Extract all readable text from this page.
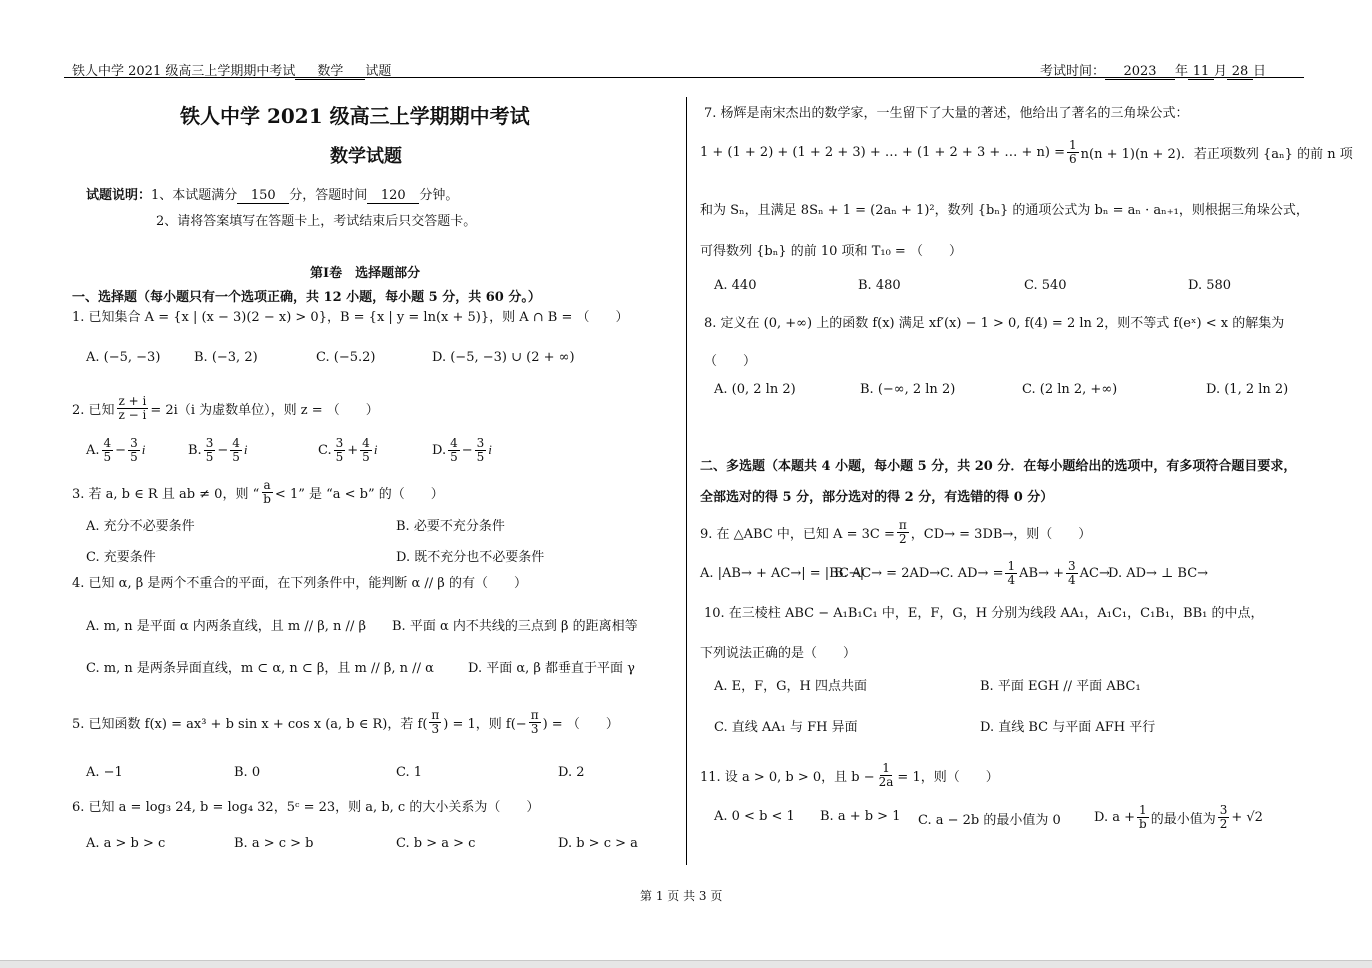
铁人中学 2021 级高三上学期期中考试 数学 试题	考试时间： 2023 年 11 月 28 日
铁人中学 2021 级高三上学期期中考试
数学试题
试题说明：1、本试题满分 150 分，答题时间 120 分钟。
2、请将答案填写在答题卡上，考试结束后只交答题卡。
第Ⅰ卷　选择题部分
一、选择题（每小题只有一个选项正确，共 12 小题，每小题 5 分，共 60 分。）
1. 已知集合 A = {x | (x − 3)(2 − x) > 0}，B = {x | y = ln(x + 5)}，则 A ∩ B = （　　）
A. (−5, −3)	B. (−3, 2)	C. (−5.2)	D. (−5, −3) ∪ (2 + ∞)
2. 已知 $\frac{z + i}{z - i} = 2i(i$ 为虚数单位），则 z = （　　）
A. $\frac{4}{5} - \frac{3}{5}$ i	B. $\frac{3}{5} - \frac{4}{5}$ i	C. $\frac{3}{5} + \frac{4}{5}$ i	D. $\frac{4}{5} - \frac{3}{5}$ i
3. 若 a, b ∈ R 且 ab ≠ 0，则 “ $\frac{a}{b} < 1$” 是 “a < b” 的（　　）
A. 充分不必要条件	B. 必要不充分条件
C. 充要条件	D. 既不充分也不必要条件
4. 已知 α, β 是两个不重合的平面，在下列条件中，能判断 α // β 的有（　　）
A. m, n 是平面 α 内两条直线，且 m // β, n // β B. 平面 α 内不共线的三点到 β 的距离相等
C. m, n 是两条异面直线，m ⊂ α, n ⊂ β，且 m // β, n // α	D. 平面 α, β 都垂直于平面 γ
5. 已知函数 f(x) = ax³ + b sin x + cos x (a, b ∈ R)，若 $f( \frac{\pi}{3}$ ) = 1，则 $f(- \frac{\pi}{3}$ ) = （　　）
A. −1	B. 0	C. 1	D. 2
6. 已知 a = log₃ 24, b = log₄ 32，5ᶜ = 23，则 a, b, c 的大小关系为（　　）
A. a > b > c	B. a > c > b	C. b > a > c	D. b > c > a
7. 杨辉是南宋杰出的数学家，一生留下了大量的著述，他给出了著名的三角垛公式：
1 + (1 + 2) + (1 + 2 + 3) + … + (1 + 2 + 3 + … + $n) = \frac{1}{6} n(n + 1)(n + 2)$．若正项数列 {aₙ} 的前 n 项
和为 Sₙ，且满足 8Sₙ + 1 = (2aₙ + 1)²，数列 {bₙ} 的通项公式为 bₙ = aₙ · aₙ₊₁，则根据三角垛公式，
可得数列 {bₙ} 的前 10 项和 T₁₀ = （　　）
A. 440	B. 480	C. 540	D. 580
8. 定义在 (0, +∞) 上的函数 f(x) 满足 xf′(x) − 1 > 0, f(4) = 2 ln 2，则不等式 f(eˣ) < x 的解集为
（　　）
A. (0, 2 ln 2)	B. (−∞, 2 ln 2)	C. (2 ln 2, +∞)	D. (1, 2 ln 2)
二、多选题（本题共 4 小题，每小题 5 分，共 20 分．在每小题给出的选项中，有多项符合题目要求，
全部选对的得 5 分，部分选对的得 2 分，有选错的得 0 分）
9. 在 △ABC 中，已知 $A = 3C = \frac{\pi}{2}$ ，CD→ = 3DB→，则（　　）
A. |AB→ + AC→| = |BC→|
B. AC→ = 2AD→ C. $AD\to = \frac{1}{4} AB\to + \frac{3}{4} AC\to$
D. AD→ ⊥ BC→
10. 在三棱柱 ABC − A₁B₁C₁ 中，E，F，G，H 分别为线段 AA₁，A₁C₁，C₁B₁，BB₁ 的中点，
下列说法正确的是（　　）
A. E，F，G，H 四点共面	B. 平面 EGH // 平面 ABC₁
C. 直线 AA₁ 与 FH 异面	D. 直线 BC 与平面 AFH 平行
11. 设 a > 0, b > 0，且 $b - \frac{1}{2a} = 1$，则（　　）
A. 0 < b < 1 B. a + b > 1 C. a − 2b 的最小值为 0	D. $a + \frac{1}{b}$ 的最小值为 $\frac{3}{2} + √2$
第 1 页 共 3 页
